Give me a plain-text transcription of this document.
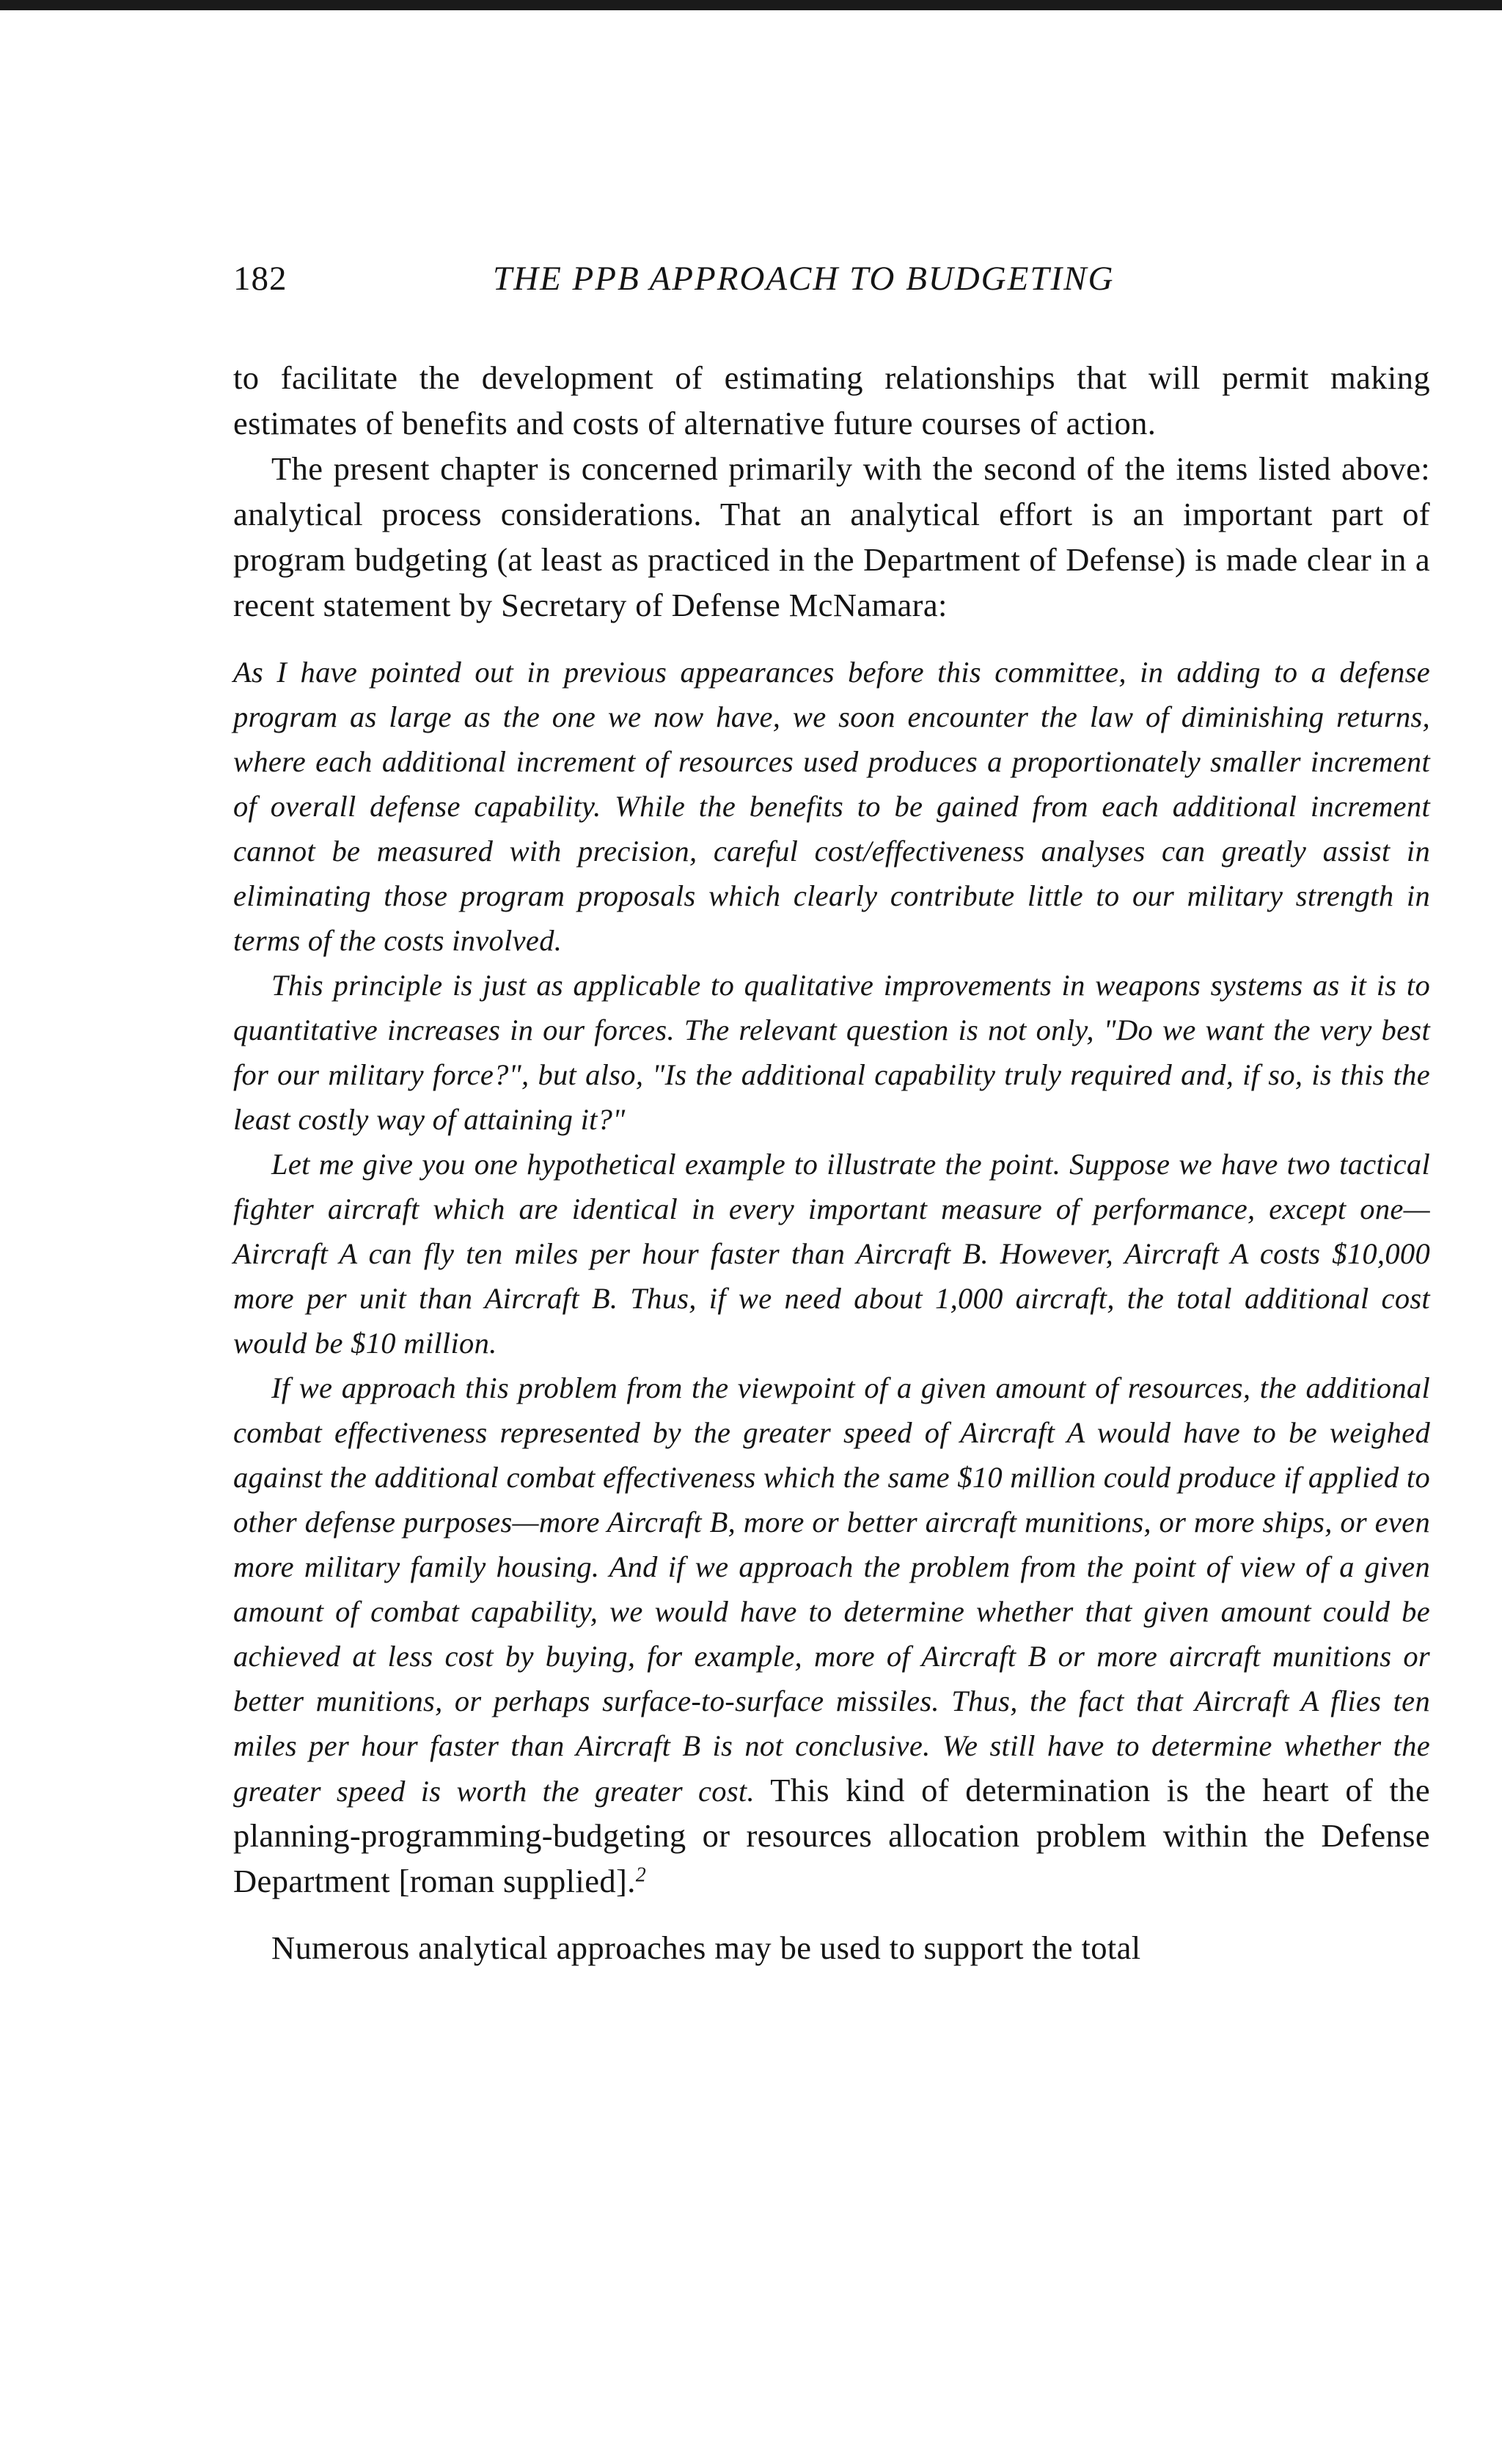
182	THE PPB APPROACH TO BUDGETING

to facilitate the development of estimating relationships that will permit making estimates of benefits and costs of alternative future courses of action.

The present chapter is concerned primarily with the second of the items listed above: analytical process considerations. That an analytical effort is an important part of program budgeting (at least as practiced in the Department of Defense) is made clear in a recent statement by Secretary of Defense McNamara:

As I have pointed out in previous appearances before this committee, in adding to a defense program as large as the one we now have, we soon encounter the law of diminishing returns, where each additional increment of resources used produces a proportionately smaller increment of overall defense capability. While the benefits to be gained from each additional increment cannot be measured with precision, careful cost/effectiveness analyses can greatly assist in eliminating those program proposals which clearly contribute little to our military strength in terms of the costs involved.

This principle is just as applicable to qualitative improvements in weapons systems as it is to quantitative increases in our forces. The relevant question is not only, "Do we want the very best for our military force?", but also, "Is the additional capability truly required and, if so, is this the least costly way of attaining it?"

Let me give you one hypothetical example to illustrate the point. Suppose we have two tactical fighter aircraft which are identical in every important measure of performance, except one—Aircraft A can fly ten miles per hour faster than Aircraft B. However, Aircraft A costs $10,000 more per unit than Aircraft B. Thus, if we need about 1,000 aircraft, the total additional cost would be $10 million.

If we approach this problem from the viewpoint of a given amount of resources, the additional combat effectiveness represented by the greater speed of Aircraft A would have to be weighed against the additional combat effectiveness which the same $10 million could produce if applied to other defense purposes—more Aircraft B, more or better aircraft munitions, or more ships, or even more military family housing. And if we approach the problem from the point of view of a given amount of combat capability, we would have to determine whether that given amount could be achieved at less cost by buying, for example, more of Aircraft B or more aircraft munitions or better munitions, or perhaps surface-to-surface missiles. Thus, the fact that Aircraft A flies ten miles per hour faster than Aircraft B is not conclusive. We still have to determine whether the greater speed is worth the greater cost. This kind of determination is the heart of the planning-programming-budgeting or resources allocation problem within the Defense Department [roman supplied].$^2$

Numerous analytical approaches may be used to support the total
